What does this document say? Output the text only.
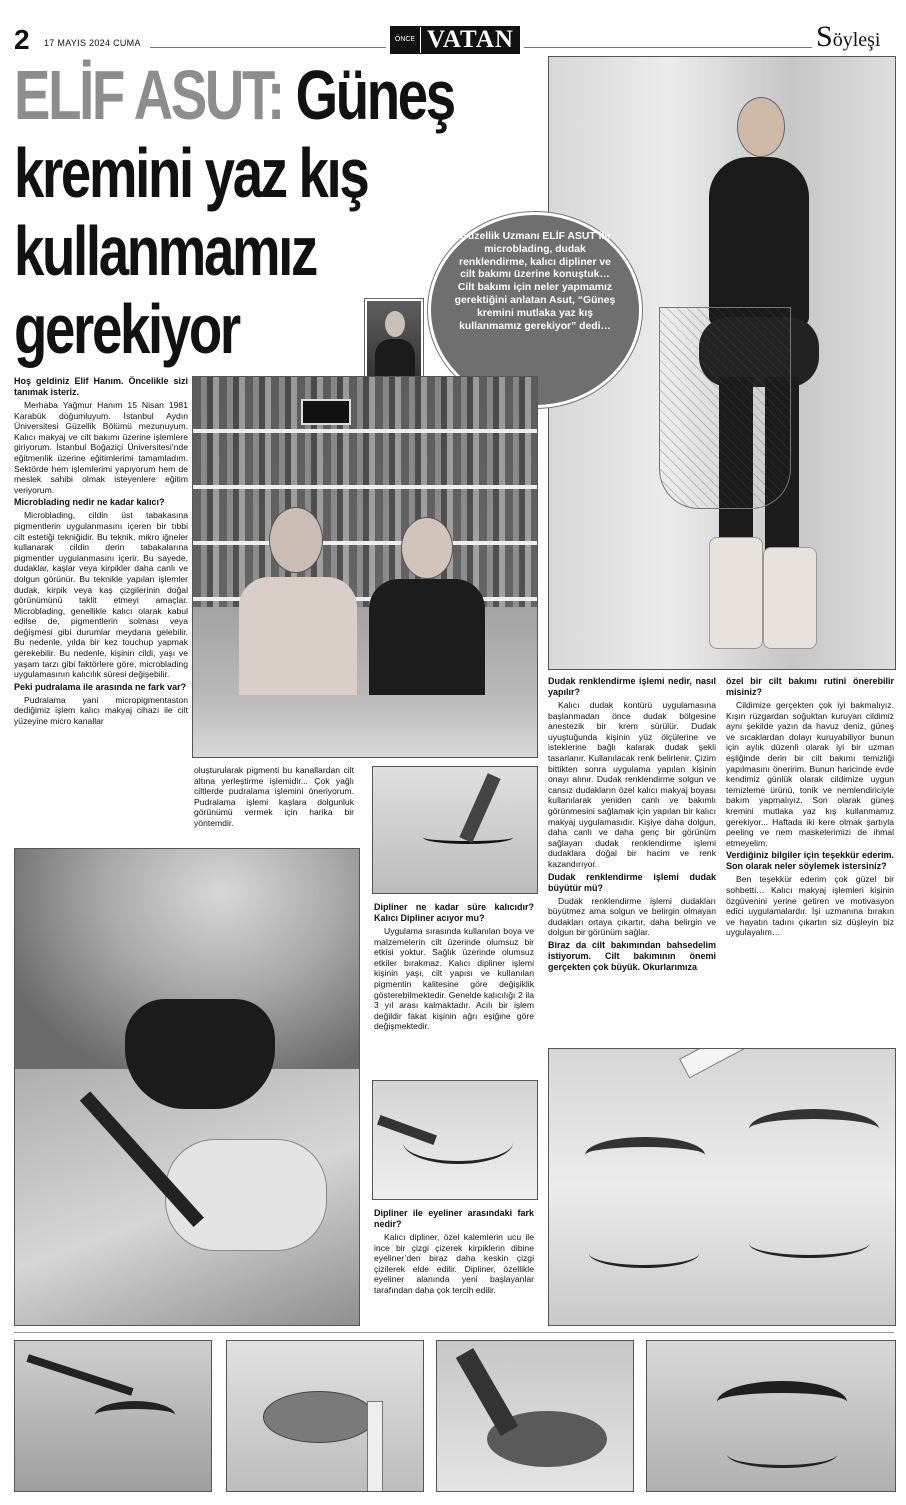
2 17 MAYIS 2024 CUMA	ÖNCE VATAN	Söyleşi
ELİF ASUT: Güneş
kremini yaz kış
kullanmamız
gerekiyor
Güzellik Uzmanı ELİF ASUT ile
microblading, dudak renklendirme, kalıcı dipliner ve cilt bakımı üzerine konuştuk… Cilt bakımı için neler yapmamız gerektiğini anlatan Asut, “Güneş kremini mutlaka yaz kış kullanmamız gerekiyor” dedi…
Hoş geldiniz Elif Hanım. Öncelikle sizi tanımak isteriz.

Merhaba Yağmur Hanım 15 Nisan 1981 Karabük doğumluyum. İstanbul Aydın Üniversitesi Güzellik Bölümü mezunuyum. Kalıcı makyaj ve cilt bakımı üzerine işlemlere giriyorum. İstanbul Boğaziçi Üniversitesi’nde eğitmenlik üzerine eğitimlerimi tamamladım. Sektörde hem işlemlerimi yapıyorum hem de meslek sahibi olmak isteyenlere eğitim veriyorum.

Microblading nedir ne kadar kalıcı?

Microblading, cildin üst tabakasına pigmentlerin uygulanmasını içeren bir tıbbi cilt estetiği tekniğidir. Bu teknik, mikro iğneler kullanarak cildin derin tabakalarına pigmentler uygulanmasını içerir. Bu sayede, dudaklar, kaşlar veya kirpikler daha canlı ve dolgun görünür. Bu teknikle yapılan işlemler dudak, kirpik veya kaş çizgilerinin doğal görünümünü taklit etmeyi amaçlar. Microblading, genellikle kalıcı olarak kabul edilse de, pigmentlerin solması veya değişmesi gibi durumlar meydana gelebilir. Bu nedenle, yılda bir kez touchup yapmak gerekebilir. Bu nedenle, kişinin cildi, yaşı ve yaşam tarzı gibi faktörlere göre, microblading uygulamasının kalıcılık süresi değişebilir.

Peki pudralama ile arasında ne fark var?

Pudralama yani micropigmentaston dediğimiz işlem kalıcı makyaj cihazı ile cilt yüzeyine micro kanallar

oluşturularak pigmenti bu kanallardan cilt altına yerleştirme işlemidir... Çok yağlı ciltlerde pudralama işlemini öneriyorum. Pudralama işlemi kaşlara dolgunluk görünümü vermek için harika bir yöntemdir.

Dipliner ne kadar süre kalıcıdır? Kalıcı Dipliner acıyor mu?

Uygulama sırasında kullanılan boya ve malzemelerin cilt üzerinde olumsuz bir etkisi yoktur. Sağlık üzerinde olumsuz etkiler bırakmaz. Kalıcı dipliner işlemi kişinin yaşı, cilt yapısı ve kullanılan pigmentin kalitesine göre değişiklik gösterebilmektedir. Genelde kalıcılığı 2 ila 3 yıl arası kalmaktadır. Acılı bir işlem değildir fakat kişinin ağrı eşiğine göre değişmektedir.

Dipliner ile eyeliner arasındaki fark nedir?

Kalıcı dipliner, özel kalemlerin ucu ile ince bir çizgi çizerek kirpiklerin dibine eyeliner’den biraz daha keskin çizgi çizilerek elde edilir. Dipliner, özellikle eyeliner alanında yeni başlayanlar tarafından daha çok tercih edilir.

Dudak renklendirme işlemi nedir, nasıl yapılır?

Kalıcı dudak kontürü uygulamasına başlanmadan önce dudak bölgesine anestezik bir krem sürülür. Dudak uyuştuğunda kişinin yüz ölçülerine ve isteklerine bağlı kalarak dudak şekli tasarlanır. Kullanılacak renk belirlenir. Çizim bittikten sonra uygulama yapılan kişinin onayı alınır. Dudak renklendirme solgun ve cansız dudakların özel kalıcı makyaj boyası kullanılarak yeniden canlı ve bakımlı görünmesini sağlamak için yapılan bir kalıcı makyaj uygulamasıdır. Kişiye daha dolgun, daha canlı ve daha genç bir görünüm sağlayan dudak renklendirme işlemi dudaklara doğal bir hacim ve renk kazandırıyor.

Dudak renklendirme işlemi dudak büyütür mü?

Dudak renklendirme işlemi dudakları büyütmez ama solgun ve belirgin olmayan dudakları ortaya çıkartır, daha belirgin ve dolgun bir görünüm sağlar.

Biraz da cilt bakımından bahsedelim istiyorum. Cilt bakımının önemi gerçekten çok büyük. Okurlarımıza
özel bir cilt bakımı rutini önerebilir misiniz?

Cildimize gerçekten çok iyi bakmalıyız. Kışın rüzgardan soğuktan kuruyan cildimiz aynı şekilde yazın da havuz deniz, güneş ve sıcaklardan dolayı kuruyabiliyor bunun için aylık düzenli olarak iyi bir uzman eşliğinde derin bir cilt bakımı temizliği yapılmasını öneririm. Bunun haricinde evde kendimiz günlük olarak cildimize uygun temizleme ürünü, tonik ve nemlendiriciyle bakım yapmalıyız. Son olarak güneş kremini mutlaka yaz kış kullanmamız gerekiyor... Haftada iki kere olmak şartıyla peeling ve nem maskelerimizi de ihmal etmeyelim.

Verdiğiniz bilgiler için teşekkür ederim. Son olarak neler söylemek istersiniz?

Ben teşekkür ederim çok güzel bir sohbetti… Kalıcı makyaj işlemleri kişinin özgüvenini yerine getiren ve motivasyon edici uygulamalardır. İşi uzmanına bırakın ve hayatın tadını çıkartın siz düşleyin biz uygulayalım…
